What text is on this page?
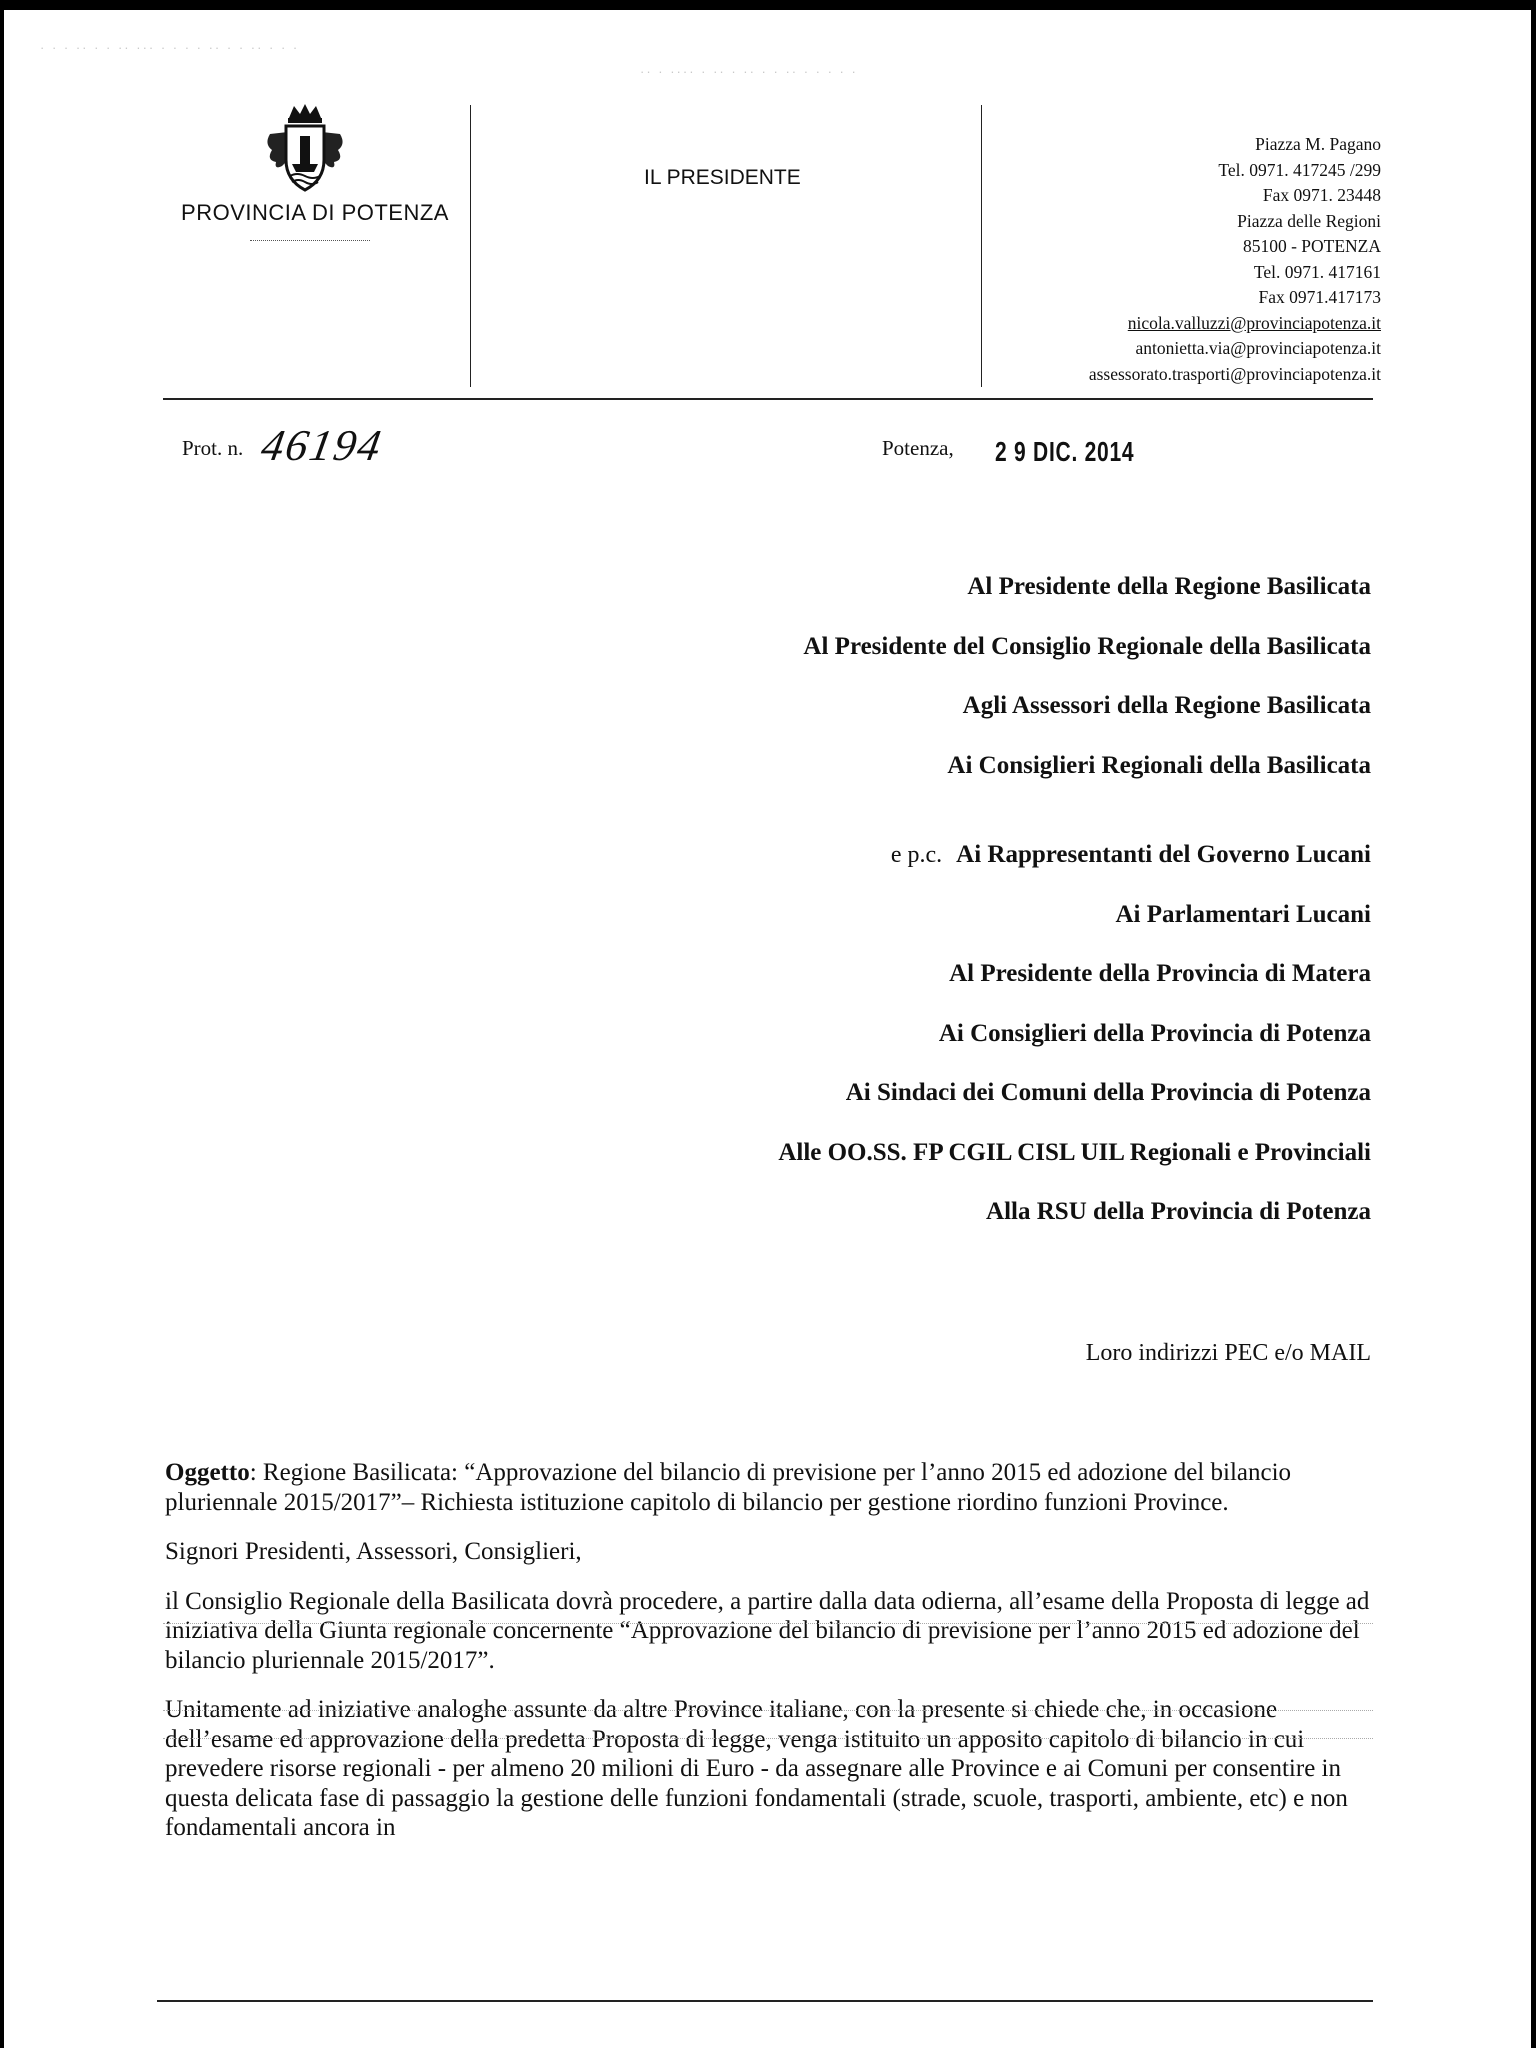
· · · ·· · · ·· ··· · · · · ·· · · ·· · · ·
·· · ···· · ·· · ·· · · ·· · · · · ·
PROVINCIA DI POTENZA
IL PRESIDENTE
Piazza M. Pagano
Tel. 0971. 417245 /299
Fax 0971. 23448
Piazza delle Regioni
85100 - POTENZA
Tel. 0971. 417161
Fax 0971.417173
nicola.valluzzi@provinciapotenza.it
antonietta.via@provinciapotenza.it
assessorato.trasporti@provinciapotenza.it
Prot. n. 46194	Potenza, 2 9 DIC. 2014
Al Presidente della Regione Basilicata
Al Presidente del Consiglio Regionale della Basilicata
Agli Assessori della Regione Basilicata
Ai Consiglieri Regionali della Basilicata
e p.c. Ai Rappresentanti del Governo Lucani
Ai Parlamentari Lucani
Al Presidente della Provincia di Matera
Ai Consiglieri della Provincia di Potenza
Ai Sindaci dei Comuni della Provincia di Potenza
Alle OO.SS. FP CGIL CISL UIL Regionali e Provinciali
Alla RSU della Provincia di Potenza
Loro indirizzi PEC e/o MAIL

Oggetto: Regione Basilicata: “Approvazione del bilancio di previsione per l’anno 2015 ed adozione del bilancio pluriennale 2015/2017”– Richiesta istituzione capitolo di bilancio per gestione riordino funzioni Province.

Signori Presidenti, Assessori, Consiglieri,

il Consiglio Regionale della Basilicata dovrà procedere, a partire dalla data odierna, all’esame della Proposta di legge ad iniziativa della Giunta regionale concernente “Approvazione del bilancio di previsione per l’anno 2015 ed adozione del bilancio pluriennale 2015/2017”.

Unitamente ad iniziative analoghe assunte da altre Province italiane, con la presente si chiede che, in occasione dell’esame ed approvazione della predetta Proposta di legge, venga istituito un apposito capitolo di bilancio in cui prevedere risorse regionali - per almeno 20 milioni di Euro - da assegnare alle Province e ai Comuni per consentire in questa delicata fase di passaggio la gestione delle funzioni fondamentali (strade, scuole, trasporti, ambiente, etc) e non fondamentali ancora in
